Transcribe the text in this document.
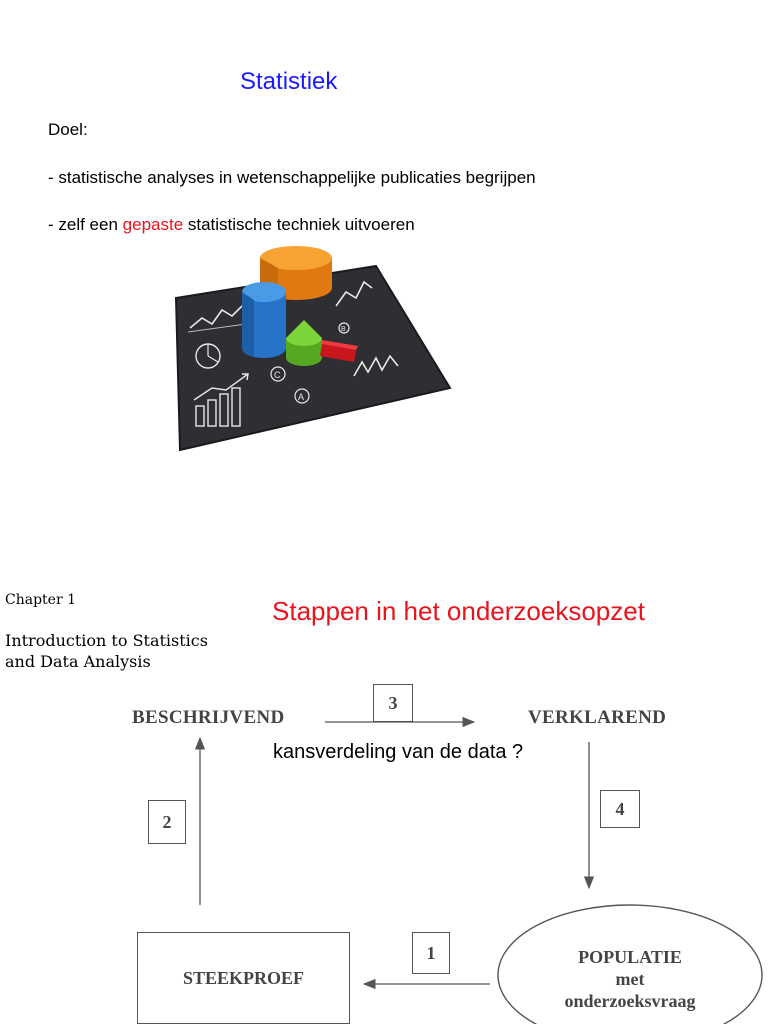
Statistiek
Doel:
- statistische analyses in wetenschappelijke publicaties begrijpen
- zelf een gepaste statistische techniek uitvoeren
C
A
B
Chapter 1
Introduction to Statistics
and Data Analysis
Stappen in het onderzoeksopzet
BESCHRIJVEND	VERKLAREND
kansverdeling van de data ?
3
2
4
1
STEEKPROEF
POPULATIE
met
onderzoeksvraag
